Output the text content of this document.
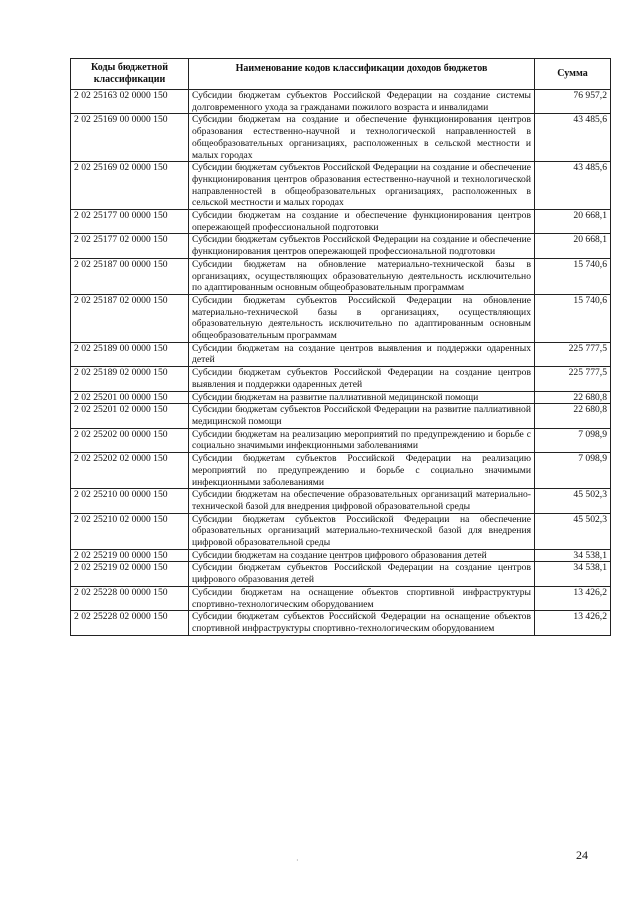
Коды бюджетной классификации	Наименование кодов классификации доходов бюджетов	Сумма
2 02 25163 02 0000 150	Субсидии бюджетам субъектов Российской Федерации на создание системы долговременного ухода за гражданами пожилого возраста и инвалидами	76 957,2
2 02 25169 00 0000 150	Субсидии бюджетам на создание и обеспечение функционирования центров образования естественно-научной и технологической направленностей в общеобразовательных организациях, расположенных в сельской местности и малых городах	43 485,6
2 02 25169 02 0000 150	Субсидии бюджетам субъектов Российской Федерации на создание и обеспечение функционирования центров образования естественно-научной и технологической направленностей в общеобразовательных организациях, расположенных в сельской местности и малых городах	43 485,6
2 02 25177 00 0000 150	Субсидии бюджетам на создание и обеспечение функционирования центров опережающей профессиональной подготовки	20 668,1
2 02 25177 02 0000 150	Субсидии бюджетам субъектов Российской Федерации на создание и обеспечение функционирования центров опережающей профессиональной подготовки	20 668,1
2 02 25187 00 0000 150	Субсидии бюджетам на обновление материально-технической базы в организациях, осуществляющих образовательную деятельность исключительно по адаптированным основным общеобразовательным программам	15 740,6
2 02 25187 02 0000 150	Субсидии бюджетам субъектов Российской Федерации на обновление материально-технической базы в организациях, осуществляющих образовательную деятельность исключительно по адаптированным основным общеобразовательным программам	15 740,6
2 02 25189 00 0000 150	Субсидии бюджетам на создание центров выявления и поддержки одаренных детей	225 777,5
2 02 25189 02 0000 150	Субсидии бюджетам субъектов Российской Федерации на создание центров выявления и поддержки одаренных детей	225 777,5
2 02 25201 00 0000 150	Субсидии бюджетам на развитие паллиативной медицинской помощи	22 680,8
2 02 25201 02 0000 150	Субсидии бюджетам субъектов Российской Федерации на развитие паллиативной медицинской помощи	22 680,8
2 02 25202 00 0000 150	Субсидии бюджетам на реализацию мероприятий по предупреждению и борьбе с социально значимыми инфекционными заболеваниями	7 098,9
2 02 25202 02 0000 150	Субсидии бюджетам субъектов Российской Федерации на реализацию мероприятий по предупреждению и борьбе с социально значимыми инфекционными заболеваниями	7 098,9
2 02 25210 00 0000 150	Субсидии бюджетам на обеспечение образовательных организаций материально-технической базой для внедрения цифровой образовательной среды	45 502,3
2 02 25210 02 0000 150	Субсидии бюджетам субъектов Российской Федерации на обеспечение образовательных организаций материально-технической базой для внедрения цифровой образовательной среды	45 502,3
2 02 25219 00 0000 150	Субсидии бюджетам на создание центров цифрового образования детей	34 538,1
2 02 25219 02 0000 150	Субсидии бюджетам субъектов Российской Федерации на создание центров цифрового образования детей	34 538,1
2 02 25228 00 0000 150	Субсидии бюджетам на оснащение объектов спортивной инфраструктуры спортивно-технологическим оборудованием	13 426,2
2 02 25228 02 0000 150	Субсидии бюджетам субъектов Российской Федерации на оснащение объектов спортивной инфраструктуры спортивно-технологическим оборудованием	13 426,2
·	24
